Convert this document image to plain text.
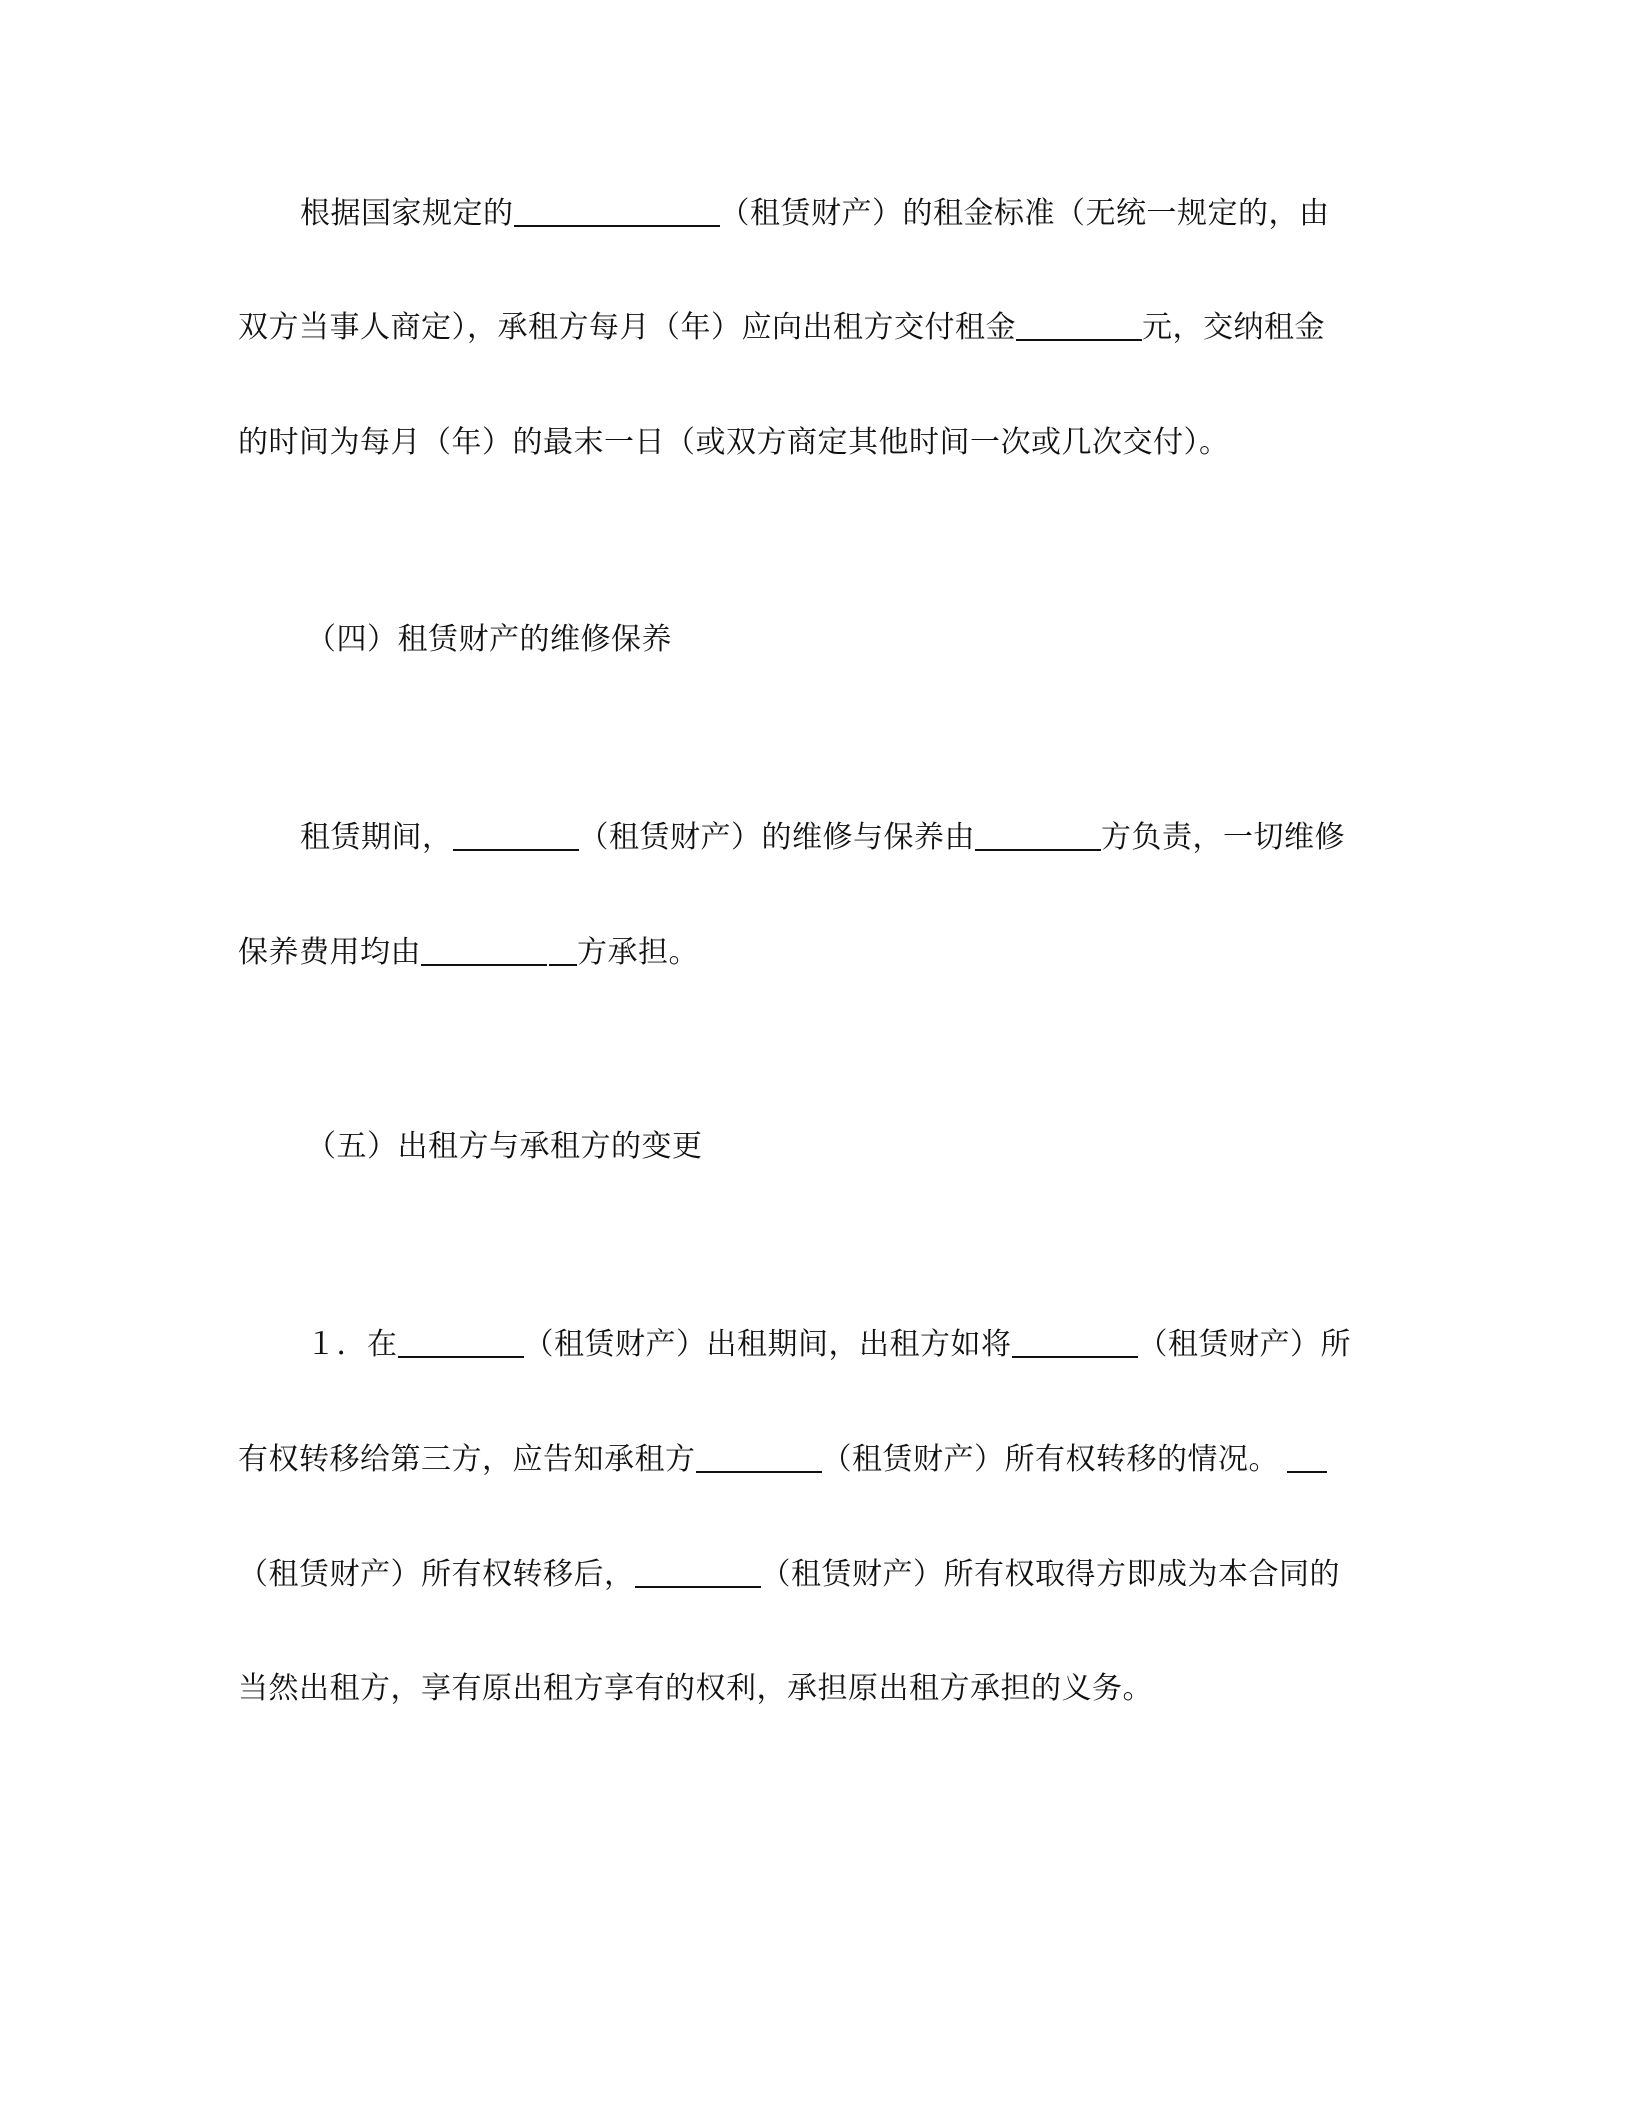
根据国家规定的	（租赁财产）的租金标准（无统一规定的，由
双方当事人商定），承租方每月（年）应向出租方交付租金	元，交纳租金
的时间为每月（年）的最末一日（或双方商定其他时间一次或几次交付）。
（四）租赁财产的维修保养
租赁期间，	（租赁财产）的维修与保养由	方负责，一切维修
保养费用均由	方承担。
（五）出租方与承租方的变更
１．在	（租赁财产）出租期间，出租方如将	（租赁财产）所
有权转移给第三方，应告知承租方	（租赁财产）所有权转移的情况。
（租赁财产）所有权转移后，	（租赁财产）所有权取得方即成为本合同的
当然出租方，享有原出租方享有的权利，承担原出租方承担的义务。
